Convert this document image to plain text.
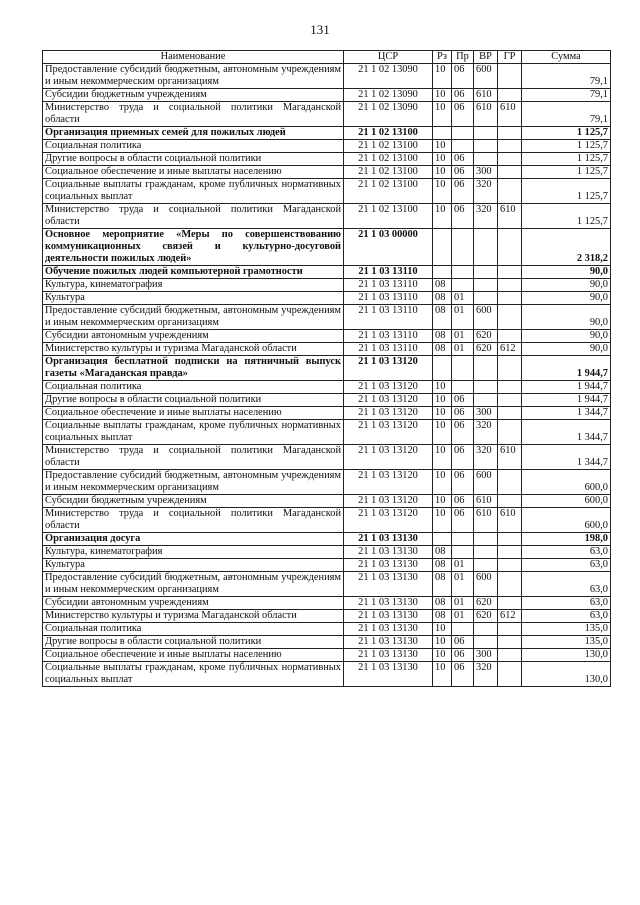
131
Наименование	ЦСР	Рз	Пр	ВР	ГР	Сумма
Предоставление субсидий бюджетным, автономным учреждениям и иным некоммерческим организациям	21 1 02 13090	10	06	600		79,1
Субсидии бюджетным учреждениям	21 1 02 13090	10	06	610		79,1
Министерство труда и социальной политики Магаданской области	21 1 02 13090	10	06	610	610	79,1
Организация приемных семей для пожилых людей	21 1 02 13100					1 125,7
Социальная политика	21 1 02 13100	10				1 125,7
Другие вопросы в области социальной политики	21 1 02 13100	10	06			1 125,7
Социальное обеспечение и иные выплаты населению	21 1 02 13100	10	06	300		1 125,7
Социальные выплаты гражданам, кроме публичных нормативных социальных выплат	21 1 02 13100	10	06	320		1 125,7
Министерство труда и социальной политики Магаданской области	21 1 02 13100	10	06	320	610	1 125,7
Основное мероприятие «Меры по совершенствованию коммуникационных связей и культурно-досуговой деятельности пожилых людей»	21 1 03 00000					2 318,2
Обучение пожилых людей компьютерной грамотности	21 1 03 13110					90,0
Культура, кинематография	21 1 03 13110	08				90,0
Культура	21 1 03 13110	08	01			90,0
Предоставление субсидий бюджетным, автономным учреждениям и иным некоммерческим организациям	21 1 03 13110	08	01	600		90,0
Субсидии автономным учреждениям	21 1 03 13110	08	01	620		90,0
Министерство культуры и туризма Магаданской области	21 1 03 13110	08	01	620	612	90,0
Организация бесплатной подписки на пятничный выпуск газеты «Магаданская правда»	21 1 03 13120					1 944,7
Социальная политика	21 1 03 13120	10				1 944,7
Другие вопросы в области социальной политики	21 1 03 13120	10	06			1 944,7
Социальное обеспечение и иные выплаты населению	21 1 03 13120	10	06	300		1 344,7
Социальные выплаты гражданам, кроме публичных нормативных социальных выплат	21 1 03 13120	10	06	320		1 344,7
Министерство труда и социальной политики Магаданской области	21 1 03 13120	10	06	320	610	1 344,7
Предоставление субсидий бюджетным, автономным учреждениям и иным некоммерческим организациям	21 1 03 13120	10	06	600		600,0
Субсидии бюджетным учреждениям	21 1 03 13120	10	06	610		600,0
Министерство труда и социальной политики Магаданской области	21 1 03 13120	10	06	610	610	600,0
Организация досуга	21 1 03 13130					198,0
Культура, кинематография	21 1 03 13130	08				63,0
Культура	21 1 03 13130	08	01			63,0
Предоставление субсидий бюджетным, автономным учреждениям и иным некоммерческим организациям	21 1 03 13130	08	01	600		63,0
Субсидии автономным учреждениям	21 1 03 13130	08	01	620		63,0
Министерство культуры и туризма Магаданской области	21 1 03 13130	08	01	620	612	63,0
Социальная политика	21 1 03 13130	10				135,0
Другие вопросы в области социальной политики	21 1 03 13130	10	06			135,0
Социальное обеспечение и иные выплаты населению	21 1 03 13130	10	06	300		130,0
Социальные выплаты гражданам, кроме публичных нормативных социальных выплат	21 1 03 13130	10	06	320		130,0
